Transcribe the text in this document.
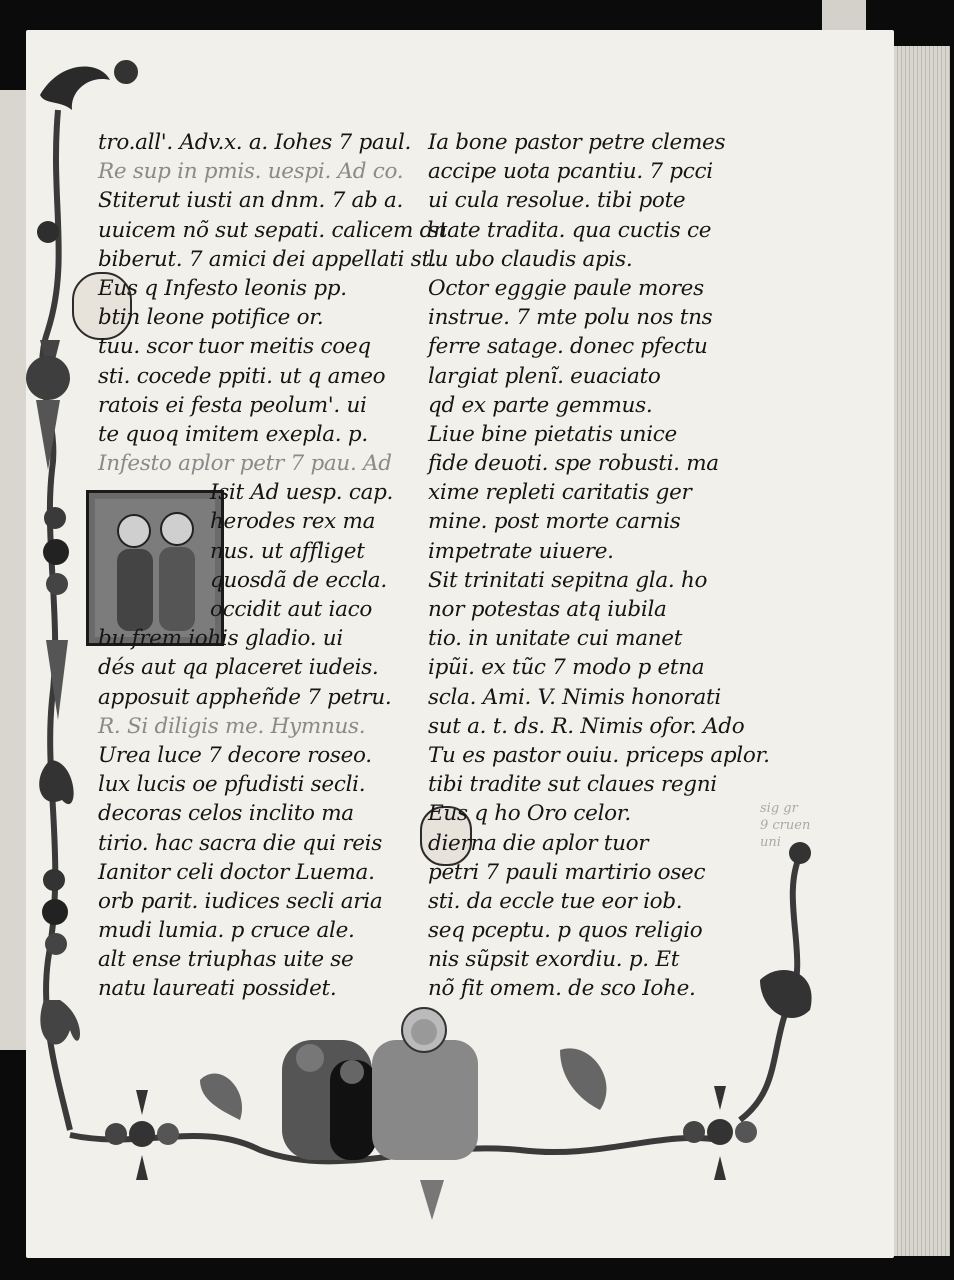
tro.all'. Adv.x. a. Iohes 7 paul.
Re sup in pmis. uespi. Ad co.
Stiterut iusti an dnm. 7 ab a.
uuicem nõ sut sepati. calicem dn
biberut. 7 amici dei appellati st.
Eus q Infesto leonis pp.
btin leone potifice or.
tuu. scor tuor meitis coeq
sti. cocede ppiti. ut q ameo
ratois ei festa peolum'. ui
te quoq imitem exepla. p.
Infesto aplor petr 7 pau. Ad
Isit Ad uesp. cap.
herodes rex ma
nus. ut affliget
quosdã de eccla.
occidit aut iaco
bu frem iohis gladio. ui
dés aut qa placeret iudeis.
apposuit appheñde 7 petru.
R. Si diligis me. Hymnus.
Urea luce 7 decore roseo.
lux lucis oe pfudisti secli.
decoras celos inclito ma
tirio. hac sacra die qui reis
Ianitor celi doctor Luema.
orb parit. iudices secli aria
mudi lumia. p cruce ale.
alt ense triuphas uite se
natu laureati possidet.
Ia bone pastor petre clemes
accipe uota pcantiu. 7 pcci
ui cula resolue. tibi pote
state tradita. qua cuctis ce
lu ubo claudis apis.
Octor egggie paule mores
instrue. 7 mte polu nos tns
ferre satage. donec pfectu
largiat plenĩ. euaciato
qd ex parte gemmus.
Liue bine pietatis unice
fide deuoti. spe robusti. ma
xime repleti caritatis ger
mine. post morte carnis
impetrate uiuere.
Sit trinitati sepitna gla. ho
nor potestas atq iubila
tio. in unitate cui manet
ipũi. ex tũc 7 modo p etna
scla. Ami. V. Nimis honorati
sut a. t. ds. R. Nimis ofor. Ado
Tu es pastor ouiu. priceps aplor.
tibi tradite sut claues regni
Eus q ho Oro celor.
dierna die aplor tuor
petri 7 pauli martirio osec
sti. da eccle tue eor iob.
seq pceptu. p quos religio
nis sũpsit exordiu. p. Et
nõ fit omem. de sco Iohe.
sig gr
9 cruen
uni
